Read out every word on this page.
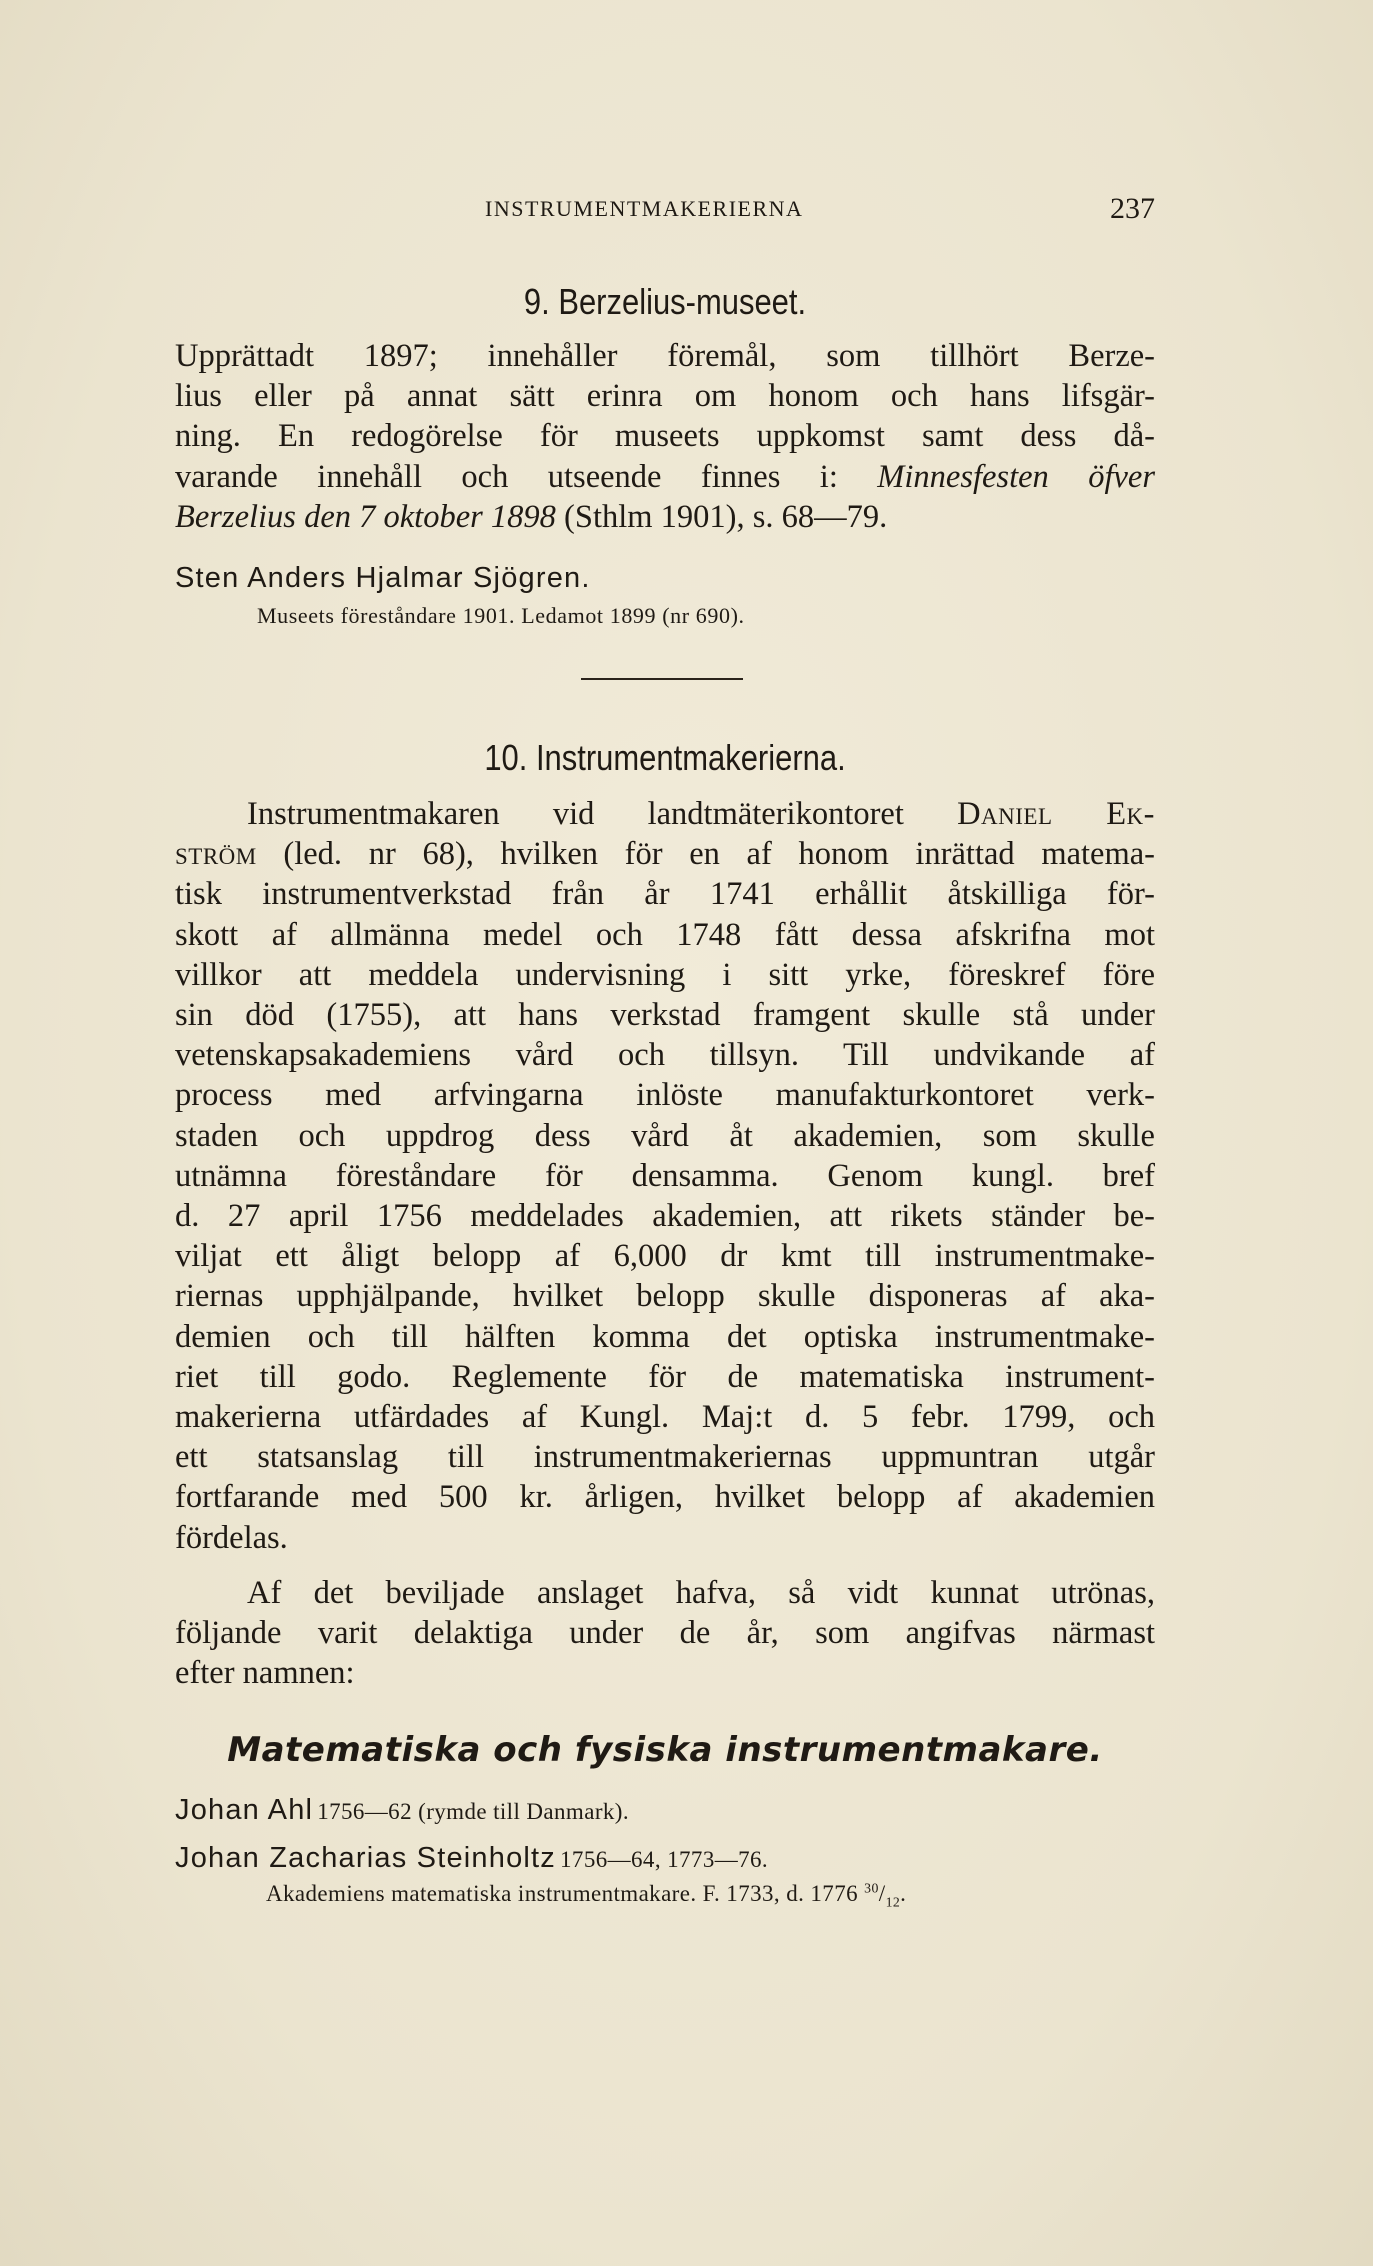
INSTRUMENTMAKERIERNA	237
9. Berzelius-museet.

Upprättadt 1897; innehåller föremål, som tillhört Berze-
lius eller på annat sätt erinra om honom och hans lifsgär-
ning. En redogörelse för museets uppkomst samt dess då-
varande innehåll och utseende finnes i: Minnesfesten öfver
Berzelius den 7 oktober 1898 (Sthlm 1901), s. 68—79.

Sten Anders Hjalmar Sjögren.
Museets föreståndare 1901. Ledamot 1899 (nr 690).
10. Instrumentmakerierna.

Instrumentmakaren vid landtmäterikontoret Daniel Ek-
ström (led. nr 68), hvilken för en af honom inrättad matema-
tisk instrumentverkstad från år 1741 erhållit åtskilliga för-
skott af allmänna medel och 1748 fått dessa afskrifna mot
villkor att meddela undervisning i sitt yrke, föreskref före
sin död (1755), att hans verkstad framgent skulle stå under
vetenskapsakademiens vård och tillsyn. Till undvikande af
process med arfvingarna inlöste manufakturkontoret verk-
staden och uppdrog dess vård åt akademien, som skulle
utnämna föreståndare för densamma. Genom kungl. bref
d. 27 april 1756 meddelades akademien, att rikets ständer be-
viljat ett åligt belopp af 6,000 dr kmt till instrumentmake-
riernas upphjälpande, hvilket belopp skulle disponeras af aka-
demien och till hälften komma det optiska instrumentmake-
riet till godo. Reglemente för de matematiska instrument-
makerierna utfärdades af Kungl. Maj:t d. 5 febr. 1799, och
ett statsanslag till instrumentmakeriernas uppmuntran utgår
fortfarande med 500 kr. årligen, hvilket belopp af akademien
fördelas.

Af det beviljade anslaget hafva, så vidt kunnat utrönas,
följande varit delaktiga under de år, som angifvas närmast
efter namnen:

Matematiska och fysiska instrumentmakare.
Johan Ahl 1756—62 (rymde till Danmark).
Johan Zacharias Steinholtz 1756—64, 1773—76.
Akademiens matematiska instrumentmakare. F. 1733, d. 1776 $^{30}/_{12}$.
